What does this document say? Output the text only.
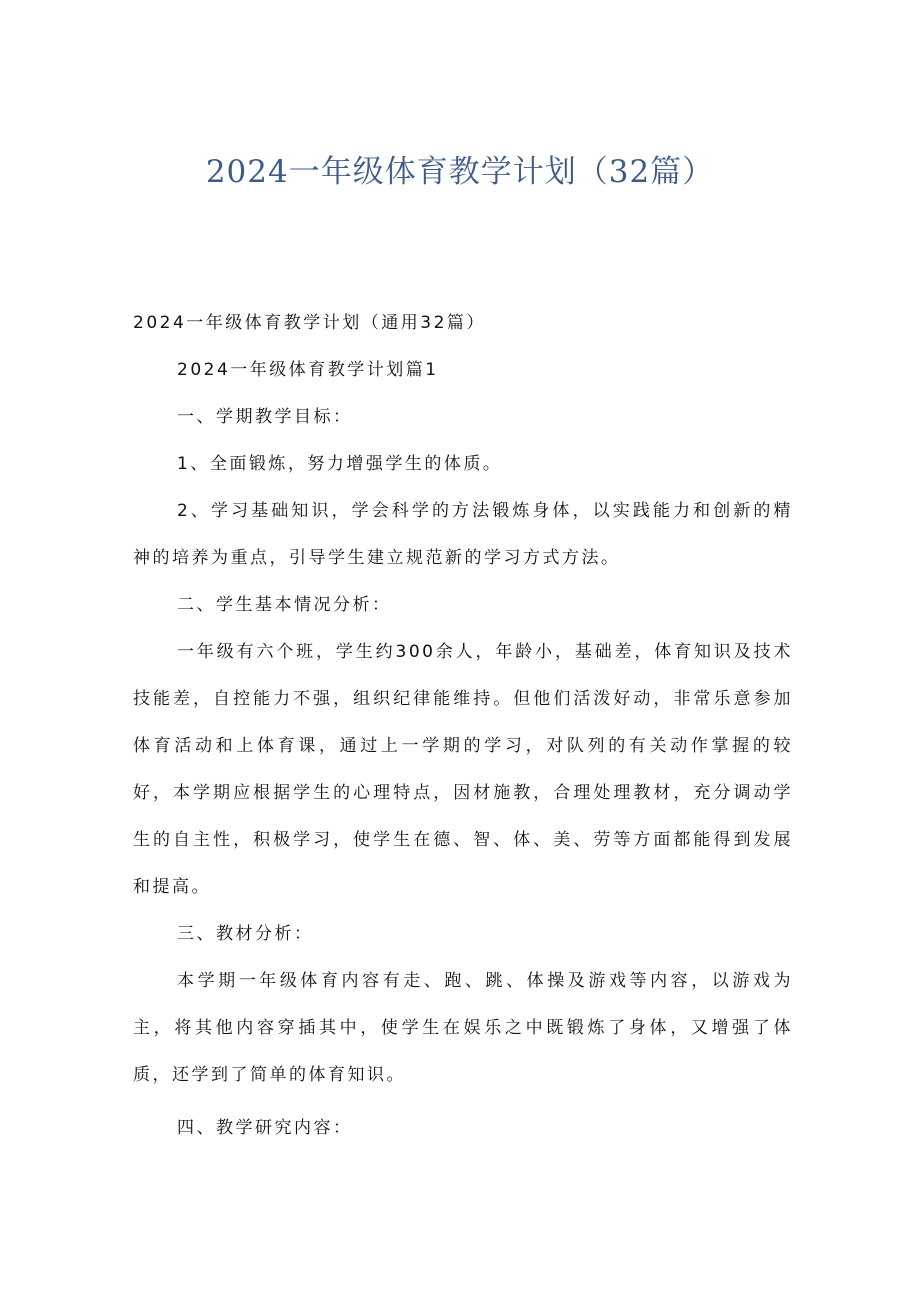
2024一年级体育教学计划（32篇）

2024一年级体育教学计划（通用32篇）

2024一年级体育教学计划篇1

一、学期教学目标：

1、全面锻炼，努力增强学生的体质。

2、学习基础知识，学会科学的方法锻炼身体，以实践能力和创新的精神的培养为重点，引导学生建立规范新的学习方式方法。

二、学生基本情况分析：

一年级有六个班，学生约300余人，年龄小，基础差，体育知识及技术技能差，自控能力不强，组织纪律能维持。但他们活泼好动，非常乐意参加体育活动和上体育课，通过上一学期的学习，对队列的有关动作掌握的较好，本学期应根据学生的心理特点，因材施教，合理处理教材，充分调动学生的自主性，积极学习，使学生在德、智、体、美、劳等方面都能得到发展和提高。

三、教材分析：

本学期一年级体育内容有走、跑、跳、体操及游戏等内容，以游戏为主，将其他内容穿插其中，使学生在娱乐之中既锻炼了身体，又增强了体质，还学到了简单的体育知识。

四、教学研究内容：
